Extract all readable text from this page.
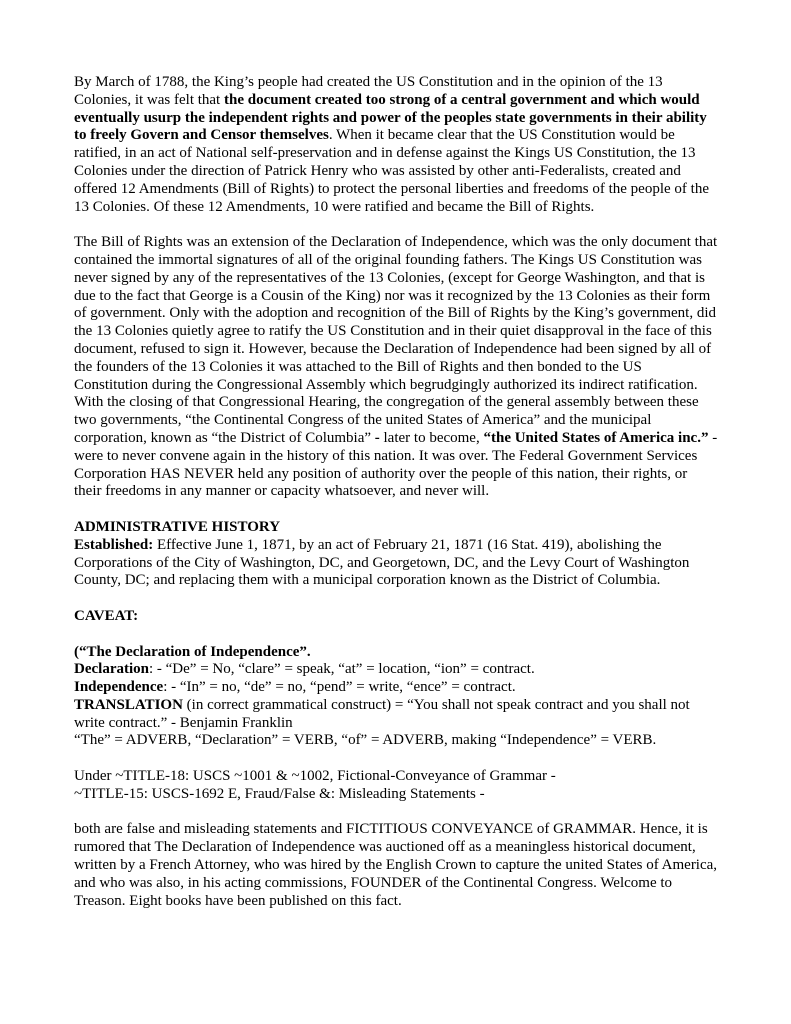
By March of 1788, the King’s people had created the US Constitution and in the opinion of the 13 Colonies, it was felt that the document created too strong of a central government and which would eventually usurp the independent rights and power of the peoples state governments in their ability to freely Govern and Censor themselves. When it became clear that the US Constitution would be ratified, in an act of National self-preservation and in defense against the Kings US Constitution, the 13 Colonies under the direction of Patrick Henry who was assisted by other anti-Federalists, created and offered 12 Amendments (Bill of Rights) to protect the personal liberties and freedoms of the people of the 13 Colonies. Of these 12 Amendments, 10 were ratified and became the Bill of Rights.

The Bill of Rights was an extension of the Declaration of Independence, which was the only document that contained the immortal signatures of all of the original founding fathers. The Kings US Constitution was never signed by any of the representatives of the 13 Colonies, (except for George Washington, and that is due to the fact that George is a Cousin of the King) nor was it recognized by the 13 Colonies as their form of government. Only with the adoption and recognition of the Bill of Rights by the King’s government, did the 13 Colonies quietly agree to ratify the US Constitution and in their quiet disapproval in the face of this document, refused to sign it. However, because the Declaration of Independence had been signed by all of the founders of the 13 Colonies it was attached to the Bill of Rights and then bonded to the US Constitution during the Congressional Assembly which begrudgingly authorized its indirect ratification. With the closing of that Congressional Hearing, the congregation of the general assembly between these two governments, “the Continental Congress of the united States of America” and the municipal corporation, known as “the District of Columbia” - later to become, “the United States of America inc.” - were to never convene again in the history of this nation. It was over. The Federal Government Services Corporation HAS NEVER held any position of authority over the people of this nation, their rights, or their freedoms in any manner or capacity whatsoever, and never will.

ADMINISTRATIVE HISTORY

Established: Effective June 1, 1871, by an act of February 21, 1871 (16 Stat. 419), abolishing the Corporations of the City of Washington, DC, and Georgetown, DC, and the Levy Court of Washington County, DC; and replacing them with a municipal corporation known as the District of Columbia.

CAVEAT:

(“The Declaration of Independence”.

Declaration: - “De” = No, “clare” = speak, “at” = location, “ion” = contract.

Independence: - “In” = no, “de” = no, “pend” = write, “ence” = contract.

TRANSLATION (in correct grammatical construct) = “You shall not speak contract and you shall not write contract.” - Benjamin Franklin

“The” = ADVERB, “Declaration” = VERB, “of” = ADVERB, making “Independence” = VERB.

Under ~TITLE-18: USCS ~1001 & ~1002, Fictional-Conveyance of Grammar -

~TITLE-15: USCS-1692 E, Fraud/False &: Misleading Statements -

both are false and misleading statements and FICTITIOUS CONVEYANCE of GRAMMAR. Hence, it is rumored that The Declaration of Independence was auctioned off as a meaningless historical document, written by a French Attorney, who was hired by the English Crown to capture the united States of America, and who was also, in his acting commissions, FOUNDER of the Continental Congress. Welcome to Treason. Eight books have been published on this fact.
